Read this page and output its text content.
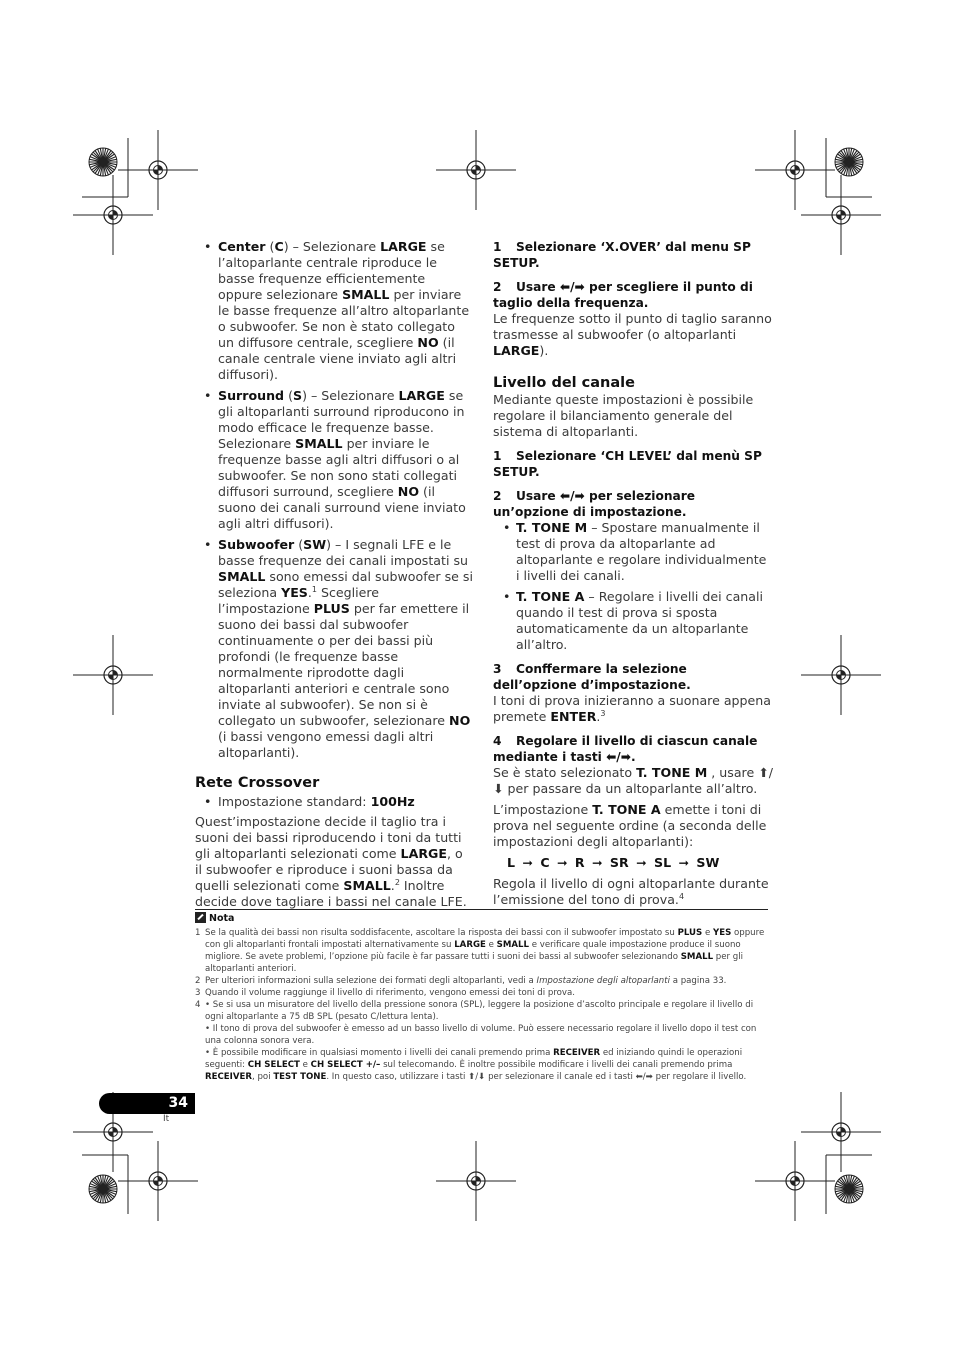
• Center (C) – Selezionare LARGE se l’altoparlante centrale riproduce le basse frequenze efficientemente oppure selezionare SMALL per inviare le basse frequenze all’altro altoparlante o subwoofer. Se non è stato collegato un diffusore centrale, scegliere NO (il canale centrale viene inviato agli altri diffusori).

• Surround (S) – Selezionare LARGE se gli altoparlanti surround riproducono in modo efficace le frequenze basse. Selezionare SMALL per inviare le frequenze basse agli altri diffusori o al subwoofer. Se non sono stati collegati diffusori surround, scegliere NO (il suono dei canali surround viene inviato agli altri diffusori).

• Subwoofer (SW) – I segnali LFE e le basse frequenze dei canali impostati su SMALL sono emessi dal subwoofer se si seleziona YES.$^1$ Scegliere l’impostazione PLUS per far emettere il suono dei bassi dal subwoofer continuamente o per dei bassi più profondi (le frequenze basse normalmente riprodotte dagli altoparlanti anteriori e centrale sono inviate al subwoofer). Se non si è collegato un subwoofer, selezionare NO (i bassi vengono emessi dagli altri altoparlanti).

Rete Crossover

• Impostazione standard: 100Hz

Quest’impostazione decide il taglio tra i suoni dei bassi riproducendo i toni da tutti gli altoparlanti selezionati come LARGE, o il subwoofer e riproduce i suoni bassa da quelli selezionati come SMALL.$^2$ Inoltre decide dove tagliare i bassi nel canale LFE.

1 Selezionare ‘X.OVER’ dal menu SP SETUP.

2 Usare ⬅/➡ per scegliere il punto di taglio della frequenza.

Le frequenze sotto il punto di taglio saranno trasmesse al subwoofer (o altoparlanti LARGE).

Livello del canale

Mediante queste impostazioni è possibile regolare il bilanciamento generale del sistema di altoparlanti.

1 Selezionare ‘CH LEVEL’ dal menù SP SETUP.

2 Usare ⬅/➡ per selezionare un’opzione di impostazione.

• T. TONE M – Spostare manualmente il test di prova da altoparlante ad altoparlante e regolare individualmente i livelli dei canali.

• T. TONE A – Regolare i livelli dei canali quando il test di prova si sposta automaticamente da un altoparlante all’altro.

3 Conffermare la selezione dell’opzione d’impostazione.

I toni di prova inizieranno a suonare appena premete ENTER.$^3$

4 Regolare il livello di ciascun canale mediante i tasti ⬅/➡.

Se è stato selezionato T. TONE M , usare ⬆/⬇ per passare da un altoparlante all’altro.

L’impostazione T. TONE A emette i toni di prova nel seguente ordine (a seconda delle impostazioni degli altoparlanti):

L ➞ C ➞ R ➞ SR ➞ SL ➞ SW

Regola il livello di ogni altoparlante durante l’emissione del tono di prova.$^4$

Nota
1 Se la qualità dei bassi non risulta soddisfacente, ascoltare la risposta dei bassi con il subwoofer impostato su PLUS e YES oppure con gli altoparlanti frontali impostati alternativamente su LARGE e SMALL e verificare quale impostazione produce il suono migliore. Se avete problemi, l’opzione più facile è far passare tutti i suoni dei bassi al subwoofer selezionando SMALL per gli altoparlanti anteriori.
2 Per ulteriori informazioni sulla selezione dei formati degli altoparlanti, vedi a Impostazione degli altoparlanti a pagina 33.
3 Quando il volume raggiunge il livello di riferimento, vengono emessi dei toni di prova.
4 • Se si usa un misuratore del livello della pressione sonora (SPL), leggere la posizione d’ascolto principale e regolare il livello di ogni altoparlante a 75 dB SPL (pesato C/lettura lenta).
• Il tono di prova del subwoofer è emesso ad un basso livello di volume. Può essere necessario regolare il livello dopo il test con una colonna sonora vera.
• È possibile modificare in qualsiasi momento i livelli dei canali premendo prima RECEIVER ed iniziando quindi le operazioni seguenti: CH SELECT e CH SELECT +/– sul telecomando. È inoltre possibile modificare i livelli dei canali premendo prima RECEIVER, poi TEST TONE. In questo caso, utilizzare i tasti ⬆/⬇ per selezionare il canale ed i tasti ⬅/➡ per regolare il livello.
34
It
